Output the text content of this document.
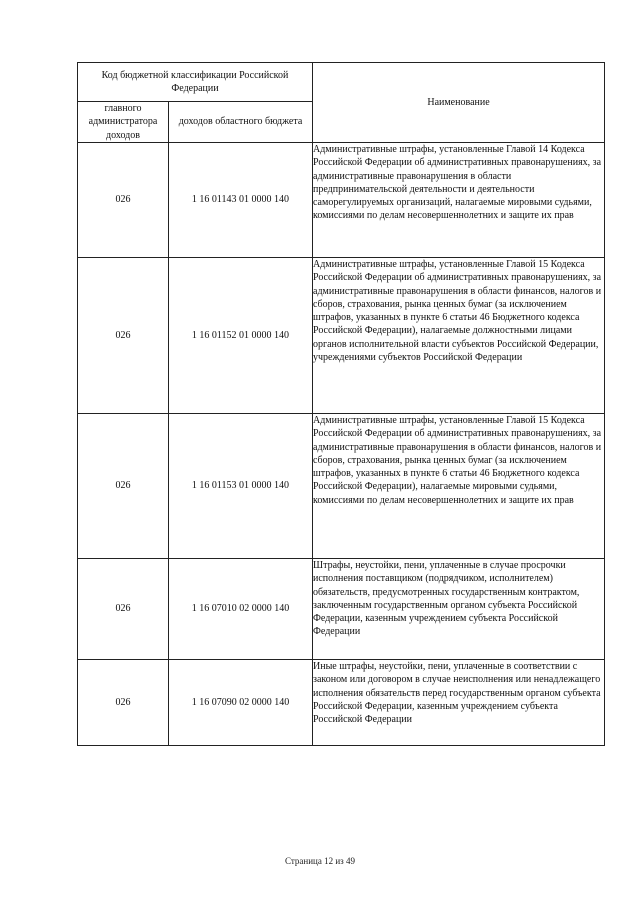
Код бюджетной классификации Российской Федерации		Наименование
главного администратора доходов	доходов областного бюджета	
026	1 16 01143 01 0000 140	Административные штрафы, установленные Главой 14 Кодекса Российской Федерации об административных правонарушениях, за административные правонарушения в области предпринимательской деятельности и деятельности саморегулируемых организаций, налагаемые мировыми судьями, комиссиями по делам несовершеннолетних и защите их прав
026	1 16 01152 01 0000 140	Административные штрафы, установленные Главой 15 Кодекса Российской Федерации об административных правонарушениях, за административные правонарушения в области финансов, налогов и сборов, страхования, рынка ценных бумаг (за исключением штрафов, указанных в пункте 6 статьи 46 Бюджетного кодекса Российской Федерации), налагаемые должностными лицами органов исполнительной власти субъектов Российской Федерации, учреждениями субъектов Российской Федерации
026	1 16 01153 01 0000 140	Административные штрафы, установленные Главой 15 Кодекса Российской Федерации об административных правонарушениях, за административные правонарушения в области финансов, налогов и сборов, страхования, рынка ценных бумаг (за исключением штрафов, указанных в пункте 6 статьи 46 Бюджетного кодекса Российской Федерации), налагаемые мировыми судьями, комиссиями по делам несовершеннолетних и защите их прав
026	1 16 07010 02 0000 140	Штрафы, неустойки, пени, уплаченные в случае просрочки исполнения поставщиком (подрядчиком, исполнителем) обязательств, предусмотренных государственным контрактом, заключенным государственным органом субъекта Российской Федерации, казенным учреждением субъекта Российской Федерации
026	1 16 07090 02 0000 140	Иные штрафы, неустойки, пени, уплаченные в соответствии с законом или договором в случае неисполнения или ненадлежащего исполнения обязательств перед государственным органом субъекта Российской Федерации, казенным учреждением субъекта Российской Федерации
Страница 12 из 49
